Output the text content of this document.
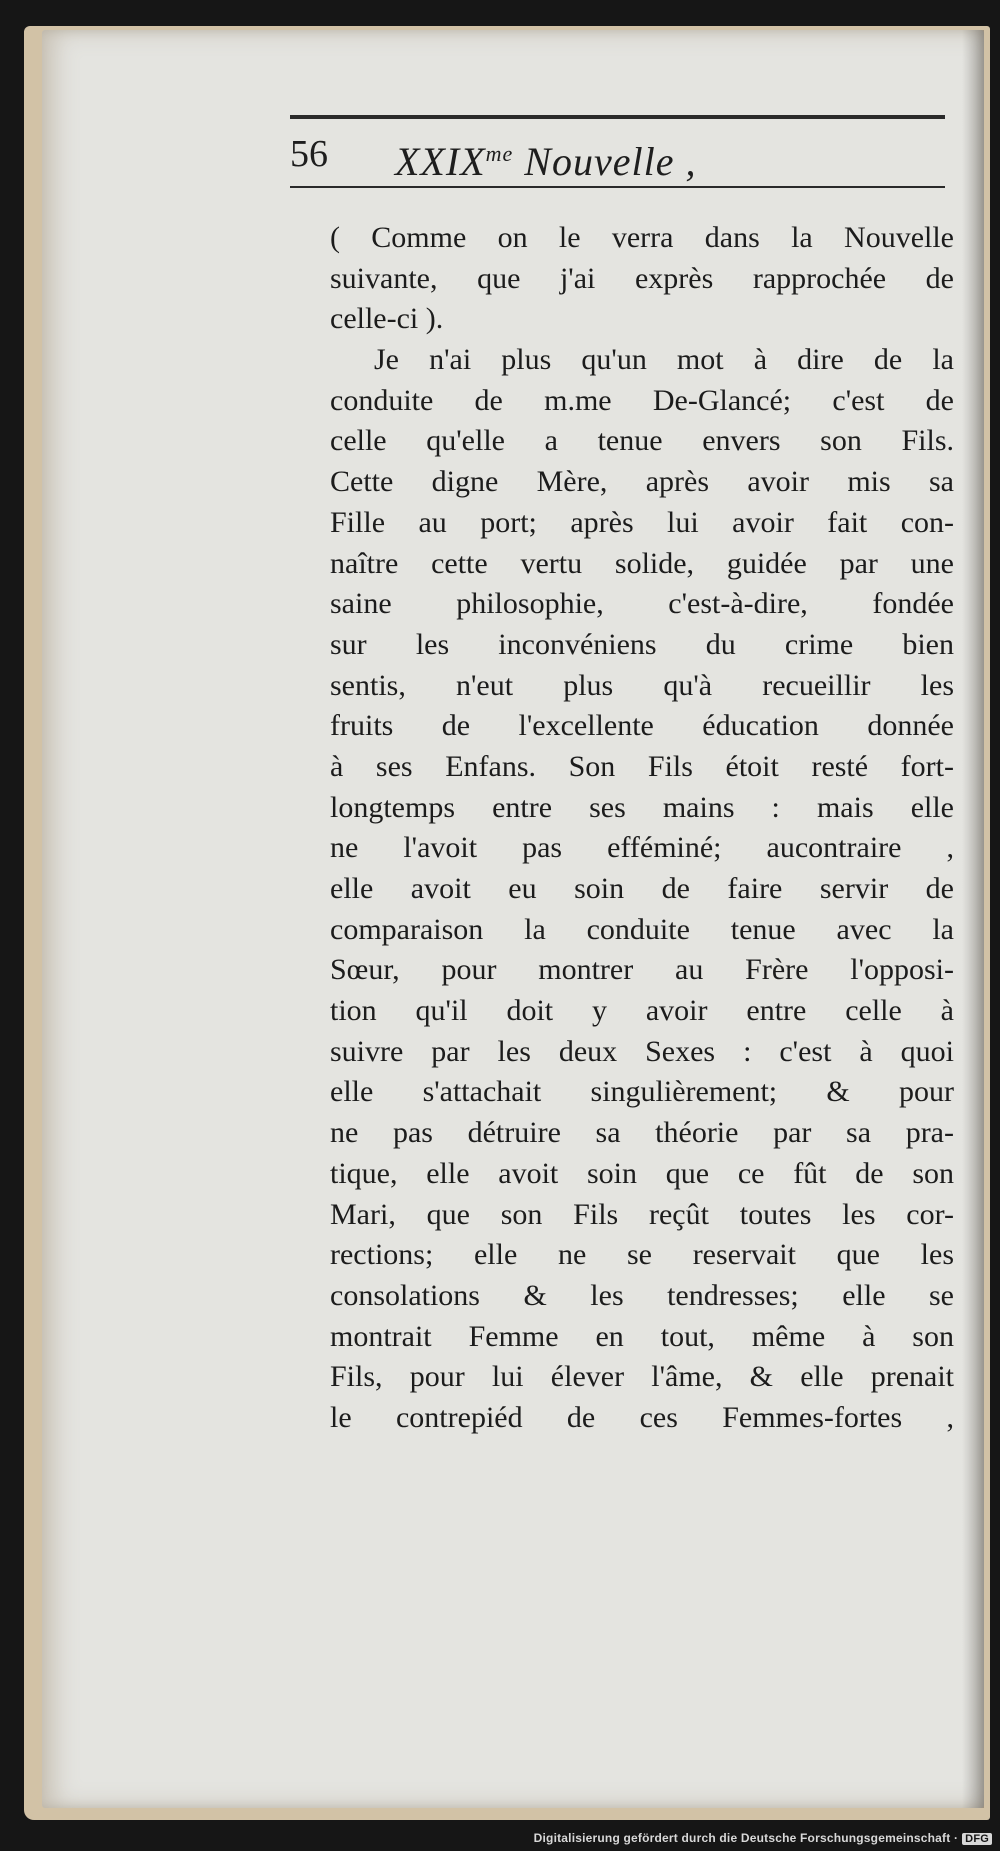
56 $XXIX^{me}$ Nouvelle ,
( Comme on le verra dans la Nouvelle
suivante, que j'ai exprès rapprochée de
celle-ci ).
Je n'ai plus qu'un mot à dire de la
conduite de m.me De-Glancé; c'est de
celle qu'elle a tenue envers son Fils.
Cette digne Mère, après avoir mis sa
Fille au port; après lui avoir fait con-
naître cette vertu solide, guidée par une
saine philosophie, c'est-à-dire, fondée
sur les inconvéniens du crime bien
sentis, n'eut plus qu'à recueillir les
fruits de l'excellente éducation donnée
à ses Enfans. Son Fils étoit resté fort-
longtemps entre ses mains : mais elle
ne l'avoit pas efféminé; aucontraire ,
elle avoit eu soin de faire servir de
comparaison la conduite tenue avec la
Sœur, pour montrer au Frère l'opposi-
tion qu'il doit y avoir entre celle à
suivre par les deux Sexes : c'est à quoi
elle s'attachait singulièrement; & pour
ne pas détruire sa théorie par sa pra-
tique, elle avoit soin que ce fût de son
Mari, que son Fils reçût toutes les cor-
rections; elle ne se reservait que les
consolations & les tendresses; elle se
montrait Femme en tout, même à son
Fils, pour lui élever l'âme, & elle prenait
le contrepiéd de ces Femmes-fortes ,
Digitalisierung gefördert durch die Deutsche Forschungsgemeinschaft · DFG
